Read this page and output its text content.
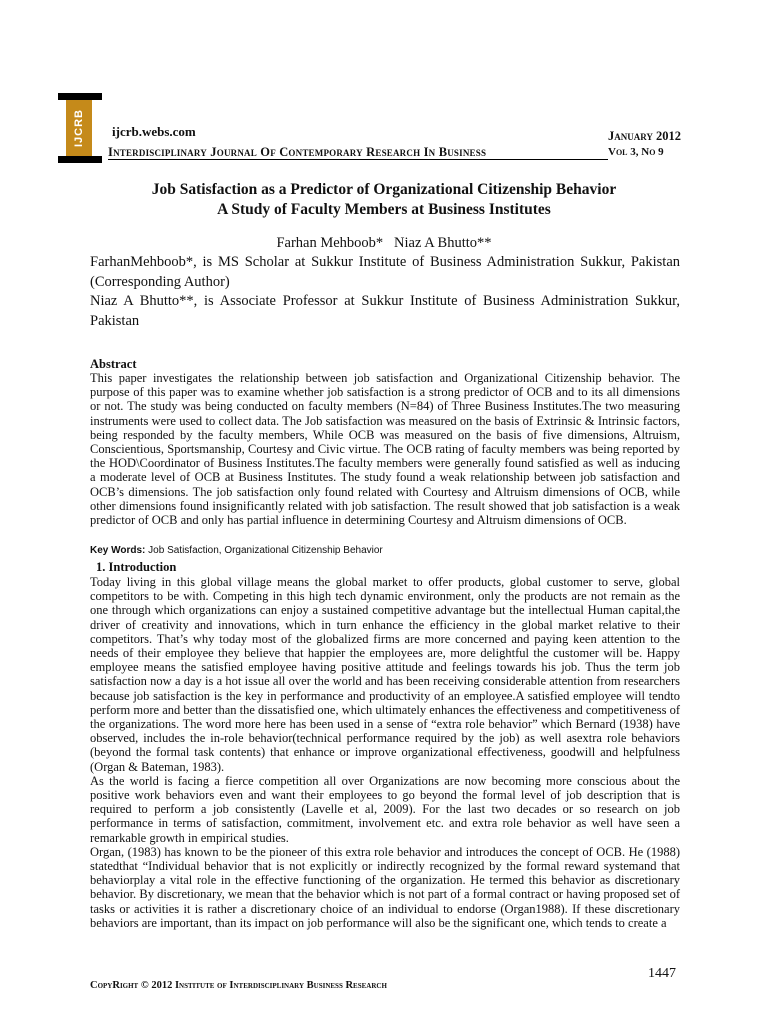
IJCRB	ijcrb.webs.com
Interdisciplinary Journal Of Contemporary Research In Business
January 2012
Vol 3, No 9
Job Satisfaction as a Predictor of Organizational Citizenship Behavior
A Study of Faculty Members at Business Institutes
Farhan Mehboob*   Niaz A Bhutto**
FarhanMehboob*, is MS Scholar at Sukkur Institute of Business Administration Sukkur, Pakistan (Corresponding Author)
Niaz A Bhutto**, is Associate Professor at Sukkur Institute of Business Administration Sukkur, Pakistan
Abstract
This paper investigates the relationship between job satisfaction and Organizational Citizenship behavior. The purpose of this paper was to examine whether job satisfaction is a strong predictor of OCB and to its all dimensions or not. The study was being conducted on faculty members (N=84) of Three Business Institutes.The two measuring instruments were used to collect data. The Job satisfaction was measured on the basis of Extrinsic & Intrinsic factors, being responded by the faculty members, While OCB was measured on the basis of five dimensions, Altruism, Conscientious, Sportsmanship, Courtesy and Civic virtue. The OCB rating of faculty members was being reported by the HOD\Coordinator of Business Institutes.The faculty members were generally found satisfied as well as inducing a moderate level of OCB at Business Institutes. The study found a weak relationship between job satisfaction and OCB’s dimensions. The job satisfaction only found related with Courtesy and Altruism dimensions of OCB, while other dimensions found insignificantly related with job satisfaction. The result showed that job satisfaction is a weak predictor of OCB and only has partial influence in determining Courtesy and Altruism dimensions of OCB.
Key Words: Job Satisfaction, Organizational Citizenship Behavior
1. Introduction

Today living in this global village means the global market to offer products, global customer to serve, global competitors to be with. Competing in this high tech dynamic environment, only the products are not remain as the one through which organizations can enjoy a sustained competitive advantage but the intellectual Human capital,the driver of creativity and innovations, which in turn enhance the efficiency in the global market relative to their competitors. That’s why today most of the globalized firms are more concerned and paying keen attention to the needs of their employee they believe that happier the employees are, more delightful the customer will be. Happy employee means the satisfied employee having positive attitude and feelings towards his job. Thus the term job satisfaction now a day is a hot issue all over the world and has been receiving considerable attention from researchers because job satisfaction is the key in performance and productivity of an employee.A satisfied employee will tendto perform more and better than the dissatisfied one, which ultimately enhances the effectiveness and competitiveness of the organizations. The word more here has been used in a sense of “extra role behavior” which Bernard (1938) have observed, includes the in-role behavior(technical performance required by the job) as well asextra role behaviors (beyond the formal task contents) that enhance or improve organizational effectiveness, goodwill and helpfulness (Organ & Bateman, 1983).

As the world is facing a fierce competition all over Organizations are now becoming more conscious about the positive work behaviors even and want their employees to go beyond the formal level of job description that is required to perform a job consistently (Lavelle et al, 2009). For the last two decades or so research on job performance in terms of satisfaction, commitment, involvement etc. and extra role behavior as well have seen a remarkable growth in empirical studies.

Organ, (1983) has known to be the pioneer of this extra role behavior and introduces the concept of OCB. He (1988) statedthat “Individual behavior that is not explicitly or indirectly recognized by the formal reward systemand that behaviorplay a vital role in the effective functioning of the organization. He termed this behavior as discretionary behavior. By discretionary, we mean that the behavior which is not part of a formal contract or having proposed set of tasks or activities it is rather a discretionary choice of an individual to endorse (Organ1988). If these discretionary behaviors are important, than its impact on job performance will also be the significant one, which tends to create a

1447
CopyRight © 2012 Institute of Interdisciplinary Business Research
